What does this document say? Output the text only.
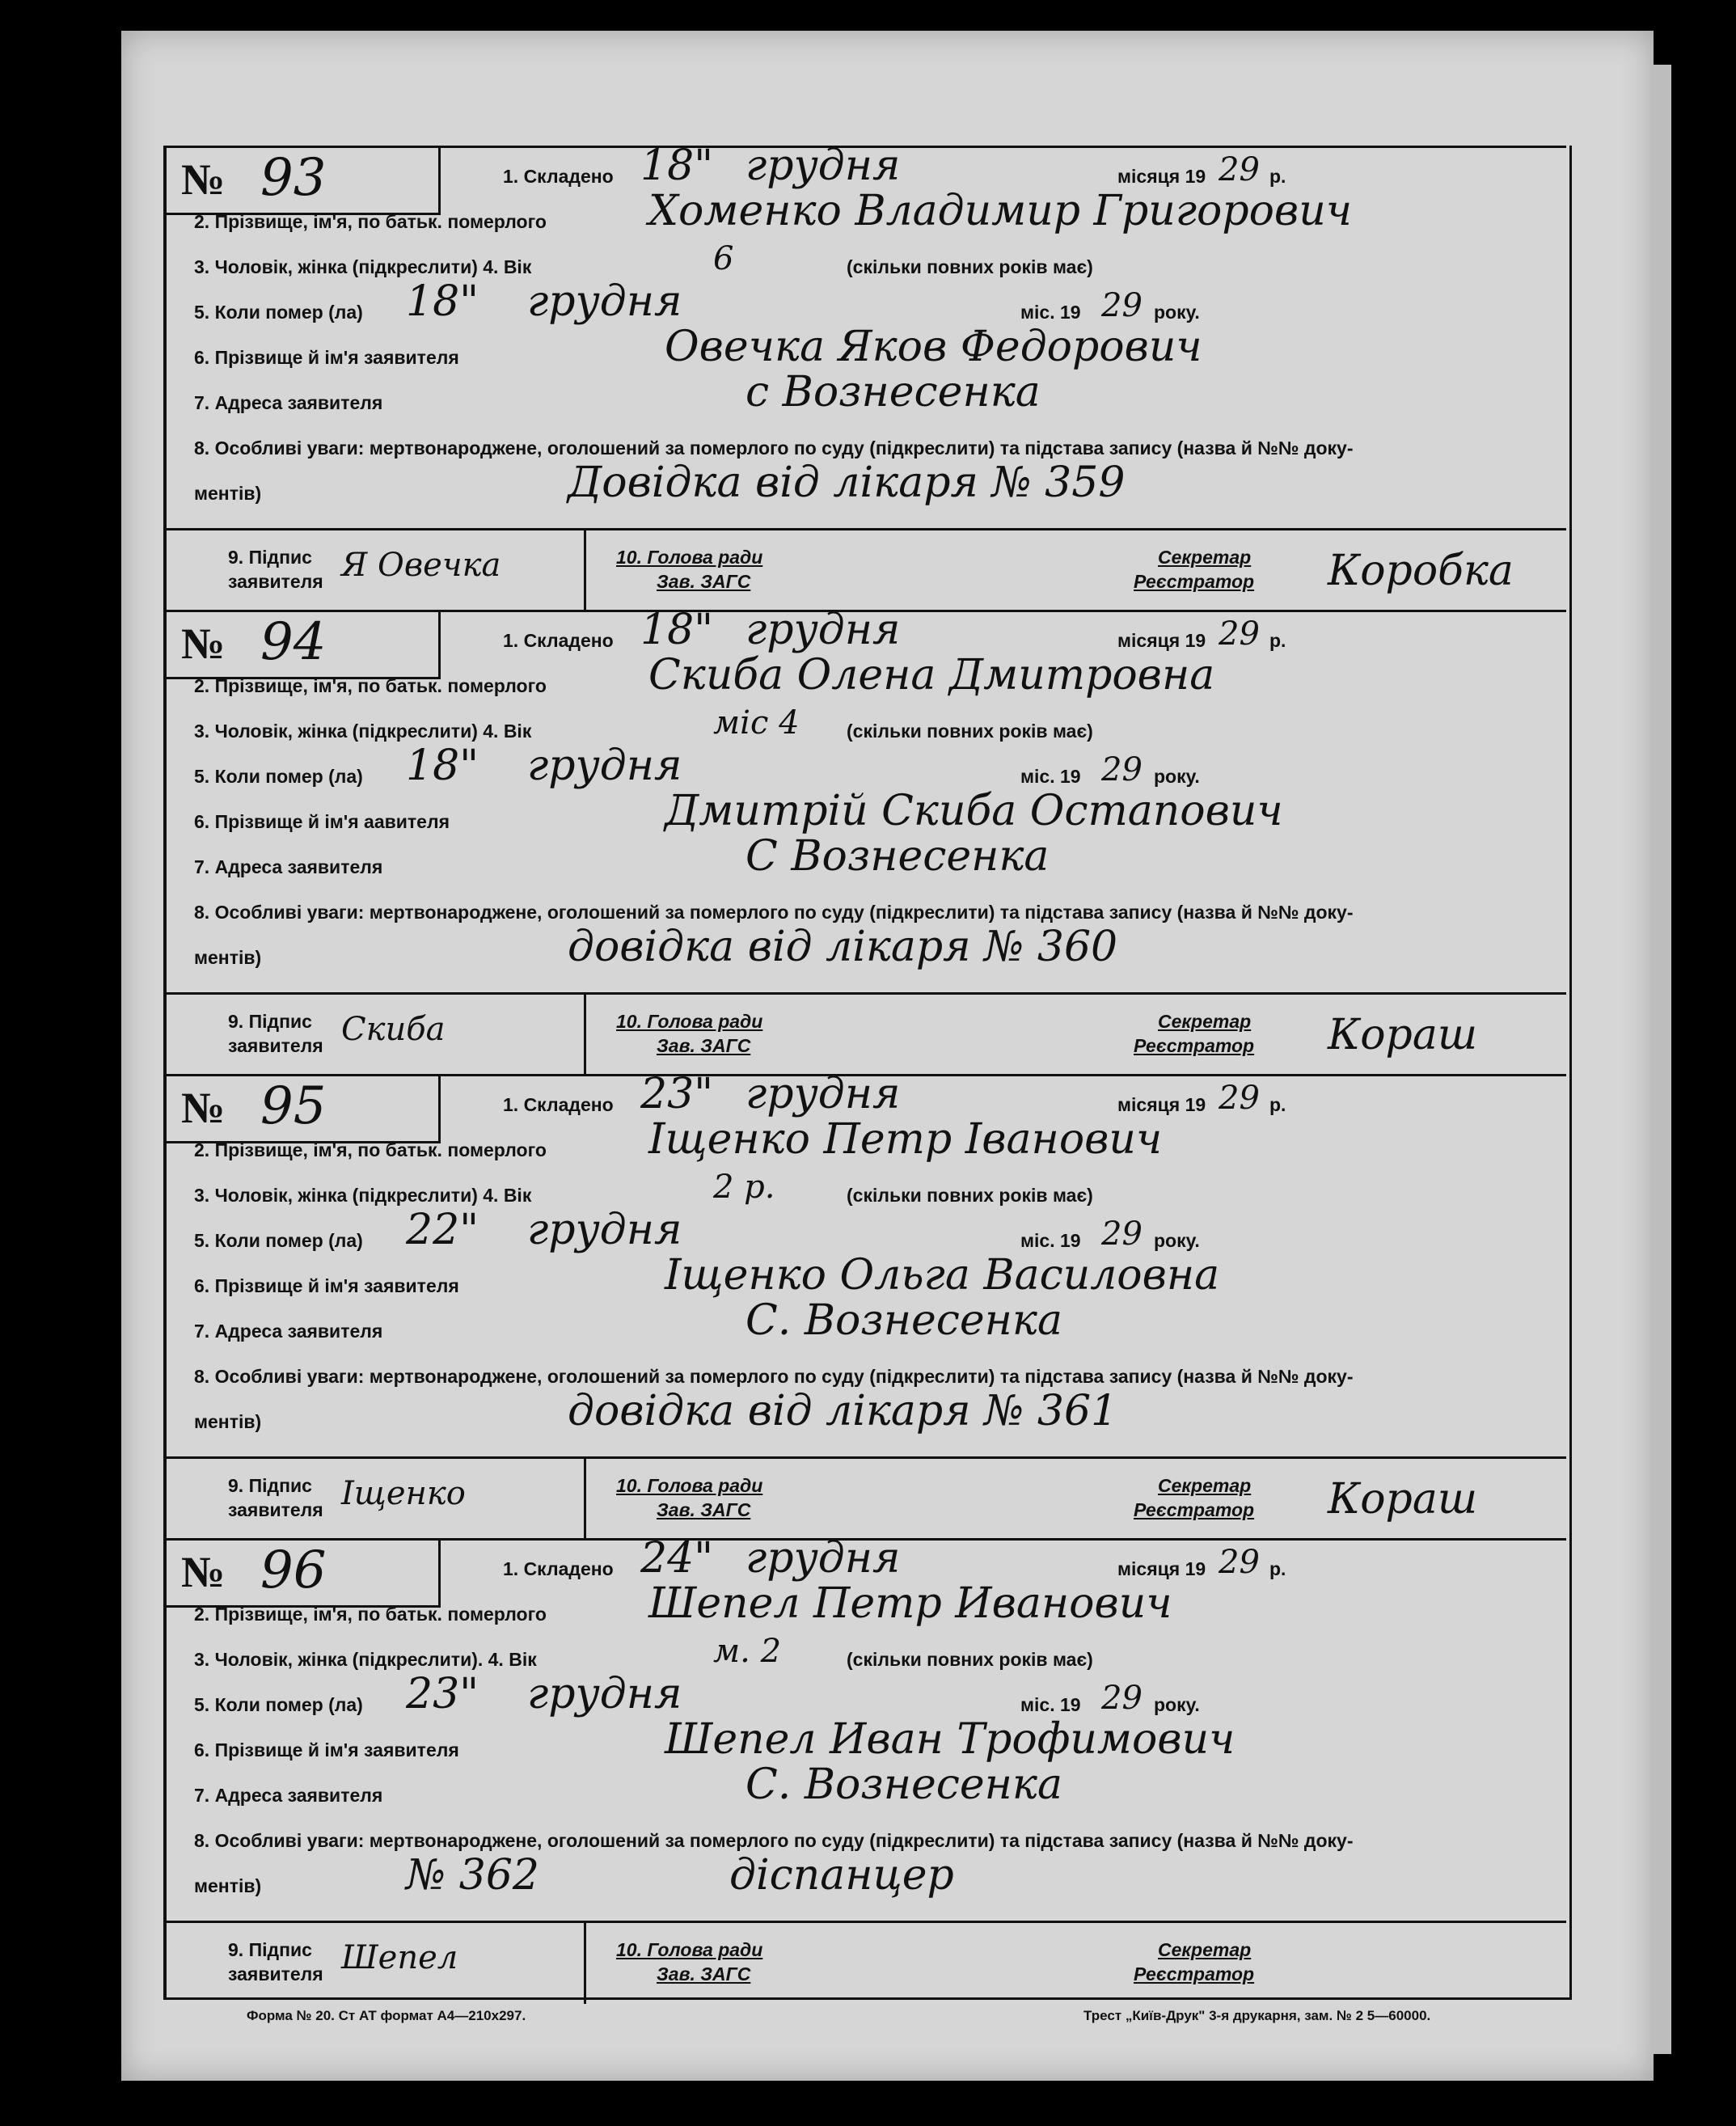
№ 93	1. Складено 18" грудня	місяця 19 29 р.
2. Прізвище, ім'я, по батьк. померлого Хоменко Владимир Григорович
3. Чоловік, жінка (підкреслити) 4. Вік	6	(скільки повних років має)
5. Коли помер (ла) 18" грудня	міс. 19 29 року.
6. Прізвище й ім'я заявителя	Овечка Яков Федорович
7. Адреса заявителя	с Вознесенка
8. Особливі уваги: мертвонароджене, оголошений за померлого по суду (підкреслити) та підстава запису (назва й №№ доку-
ментів)	Довідка від лікаря № 359
9. Підпис
заявителя Я Овечка	10. Голова ради
Зав. ЗАГС
Секретар
Реєстратор Коробка
№ 94	1. Складено 18" грудня	місяця 19 29 р.
2. Прізвище, ім'я, по батьк. померлого Скиба Олена Дмитровна
3. Чоловік, жінка (підкреслити) 4. Вік	міс 4	(скільки повних років має)
5. Коли помер (ла) 18" грудня	міс. 19 29 року.
6. Прізвище й ім'я аавителя	Дмитрій Скиба Остапович
7. Адреса заявителя	С Вознесенка
8. Особливі уваги: мертвонароджене, оголошений за померлого по суду (підкреслити) та підстава запису (назва й №№ доку-
ментів)	довідка від лікаря № 360
9. Підпис
заявителя Скиба	10. Голова ради
Зав. ЗАГС
Секретар
Реєстратор Кораш
№ 95	1. Складено 23" грудня	місяця 19 29 р.
2. Прізвище, ім'я, по батьк. померлого Іщенко Петр Іванович
3. Чоловік, жінка (підкреслити) 4. Вік	2 р.	(скільки повних років має)
5. Коли помер (ла) 22" грудня	міс. 19 29 року.
6. Прізвище й ім'я заявителя	Іщенко Ольга Василовна
7. Адреса заявителя	С. Вознесенка
8. Особливі уваги: мертвонароджене, оголошений за померлого по суду (підкреслити) та підстава запису (назва й №№ доку-
ментів)	довідка від лікаря № 361
9. Підпис
заявителя Іщенко	10. Голова ради
Зав. ЗАГС
Секретар
Реєстратор Кораш
№ 96	1. Складено 24" грудня	місяця 19 29 р.
2. Прізвище, ім'я, по батьк. померлого Шепел Петр Иванович
3. Чоловік, жінка (підкреслити). 4. Вік	м. 2	(скільки повних років має)
5. Коли помер (ла) 23" грудня	міс. 19 29 року.
6. Прізвище й ім'я заявителя	Шепел Иван Трофимович
7. Адреса заявителя	С. Вознесенка
8. Особливі уваги: мертвонароджене, оголошений за померлого по суду (підкреслити) та підстава запису (назва й №№ доку-
ментів)	№ 362	діспанцер
9. Підпис
заявителя Шепел	10. Голова ради
Зав. ЗАГС
Секретар
Реєстратор
Форма № 20. Ст АТ формат А4—210х297.	Трест „Київ-Друк" 3-я друкарня, зам. № 2 5—60000.
